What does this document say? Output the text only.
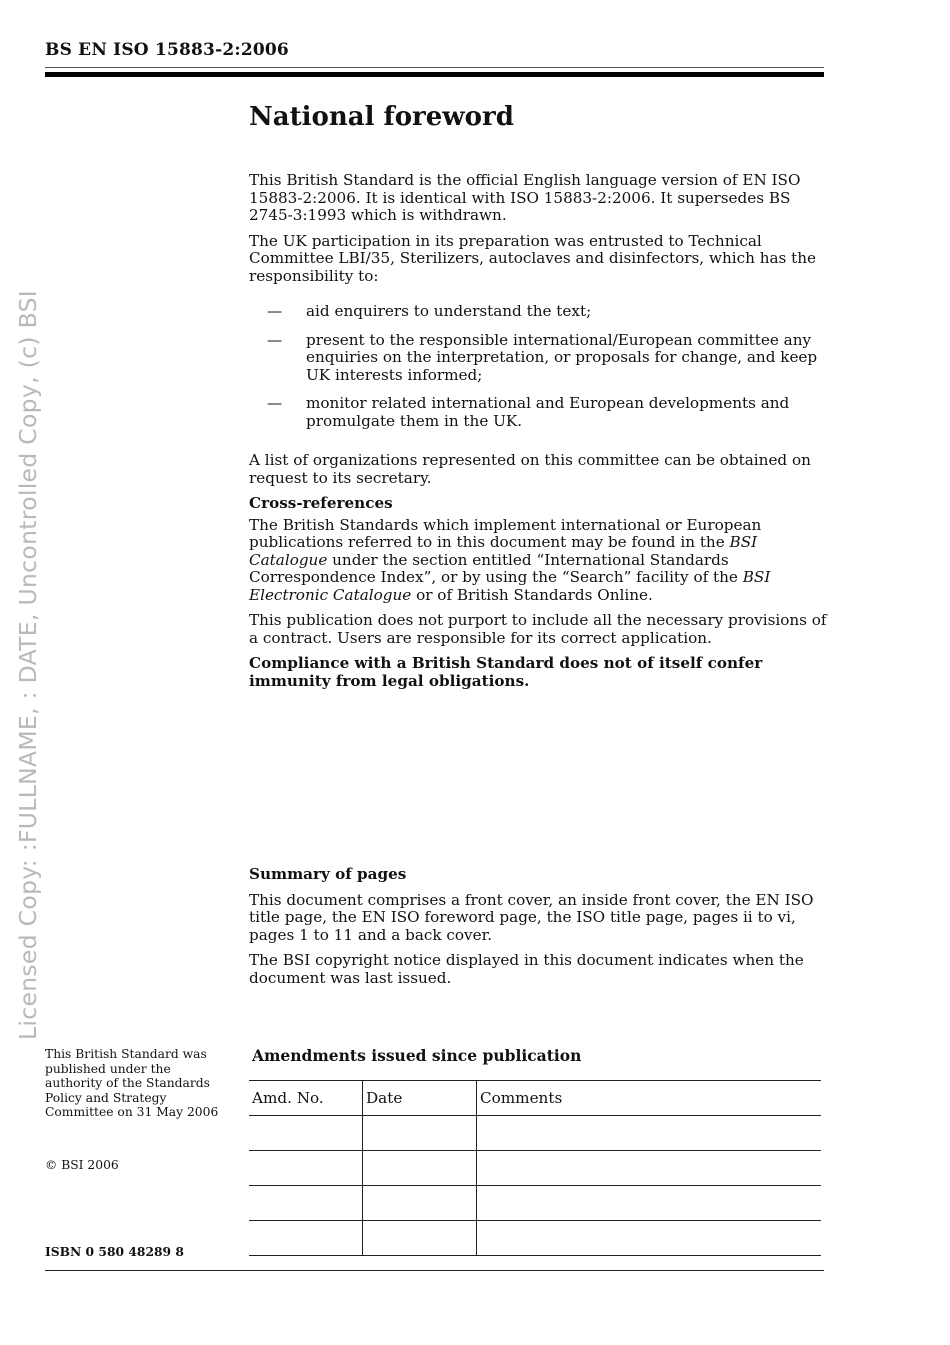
BS EN ISO 15883-2:2006
Licensed Copy: :FULLNAME, : DATE, Uncontrolled Copy, (c) BSI
National foreword

This British Standard is the official English language version of EN ISO 15883-2:2006. It is identical with ISO 15883-2:2006. It supersedes BS 2745-3:1993 which is withdrawn.

The UK participation in its preparation was entrusted to Technical Committee LBI/35, Sterilizers, autoclaves and disinfectors, which has the responsibility to:

— aid enquirers to understand the text;
— present to the responsible international/European committee any enquiries on the interpretation, or proposals for change, and keep UK interests informed;
— monitor related international and European developments and promulgate them in the UK.

A list of organizations represented on this committee can be obtained on request to its secretary.

Cross-references

The British Standards which implement international or European publications referred to in this document may be found in the BSI Catalogue under the section entitled “International Standards Correspondence Index”, or by using the “Search” facility of the BSI Electronic Catalogue or of British Standards Online.

This publication does not purport to include all the necessary provisions of a contract. Users are responsible for its correct application.

Compliance with a British Standard does not of itself confer immunity from legal obligations.

Summary of pages

This document comprises a front cover, an inside front cover, the EN ISO title page, the EN ISO foreword page, the ISO title page, pages ii to vi, pages 1 to 11 and a back cover.

The BSI copyright notice displayed in this document indicates when the document was last issued.

This British Standard was published under the authority of the Standards Policy and Strategy Committee on 31 May 2006
© BSI 2006
ISBN 0 580 48289 8
Amendments issued since publication
Amd. No.	Date	Comments
